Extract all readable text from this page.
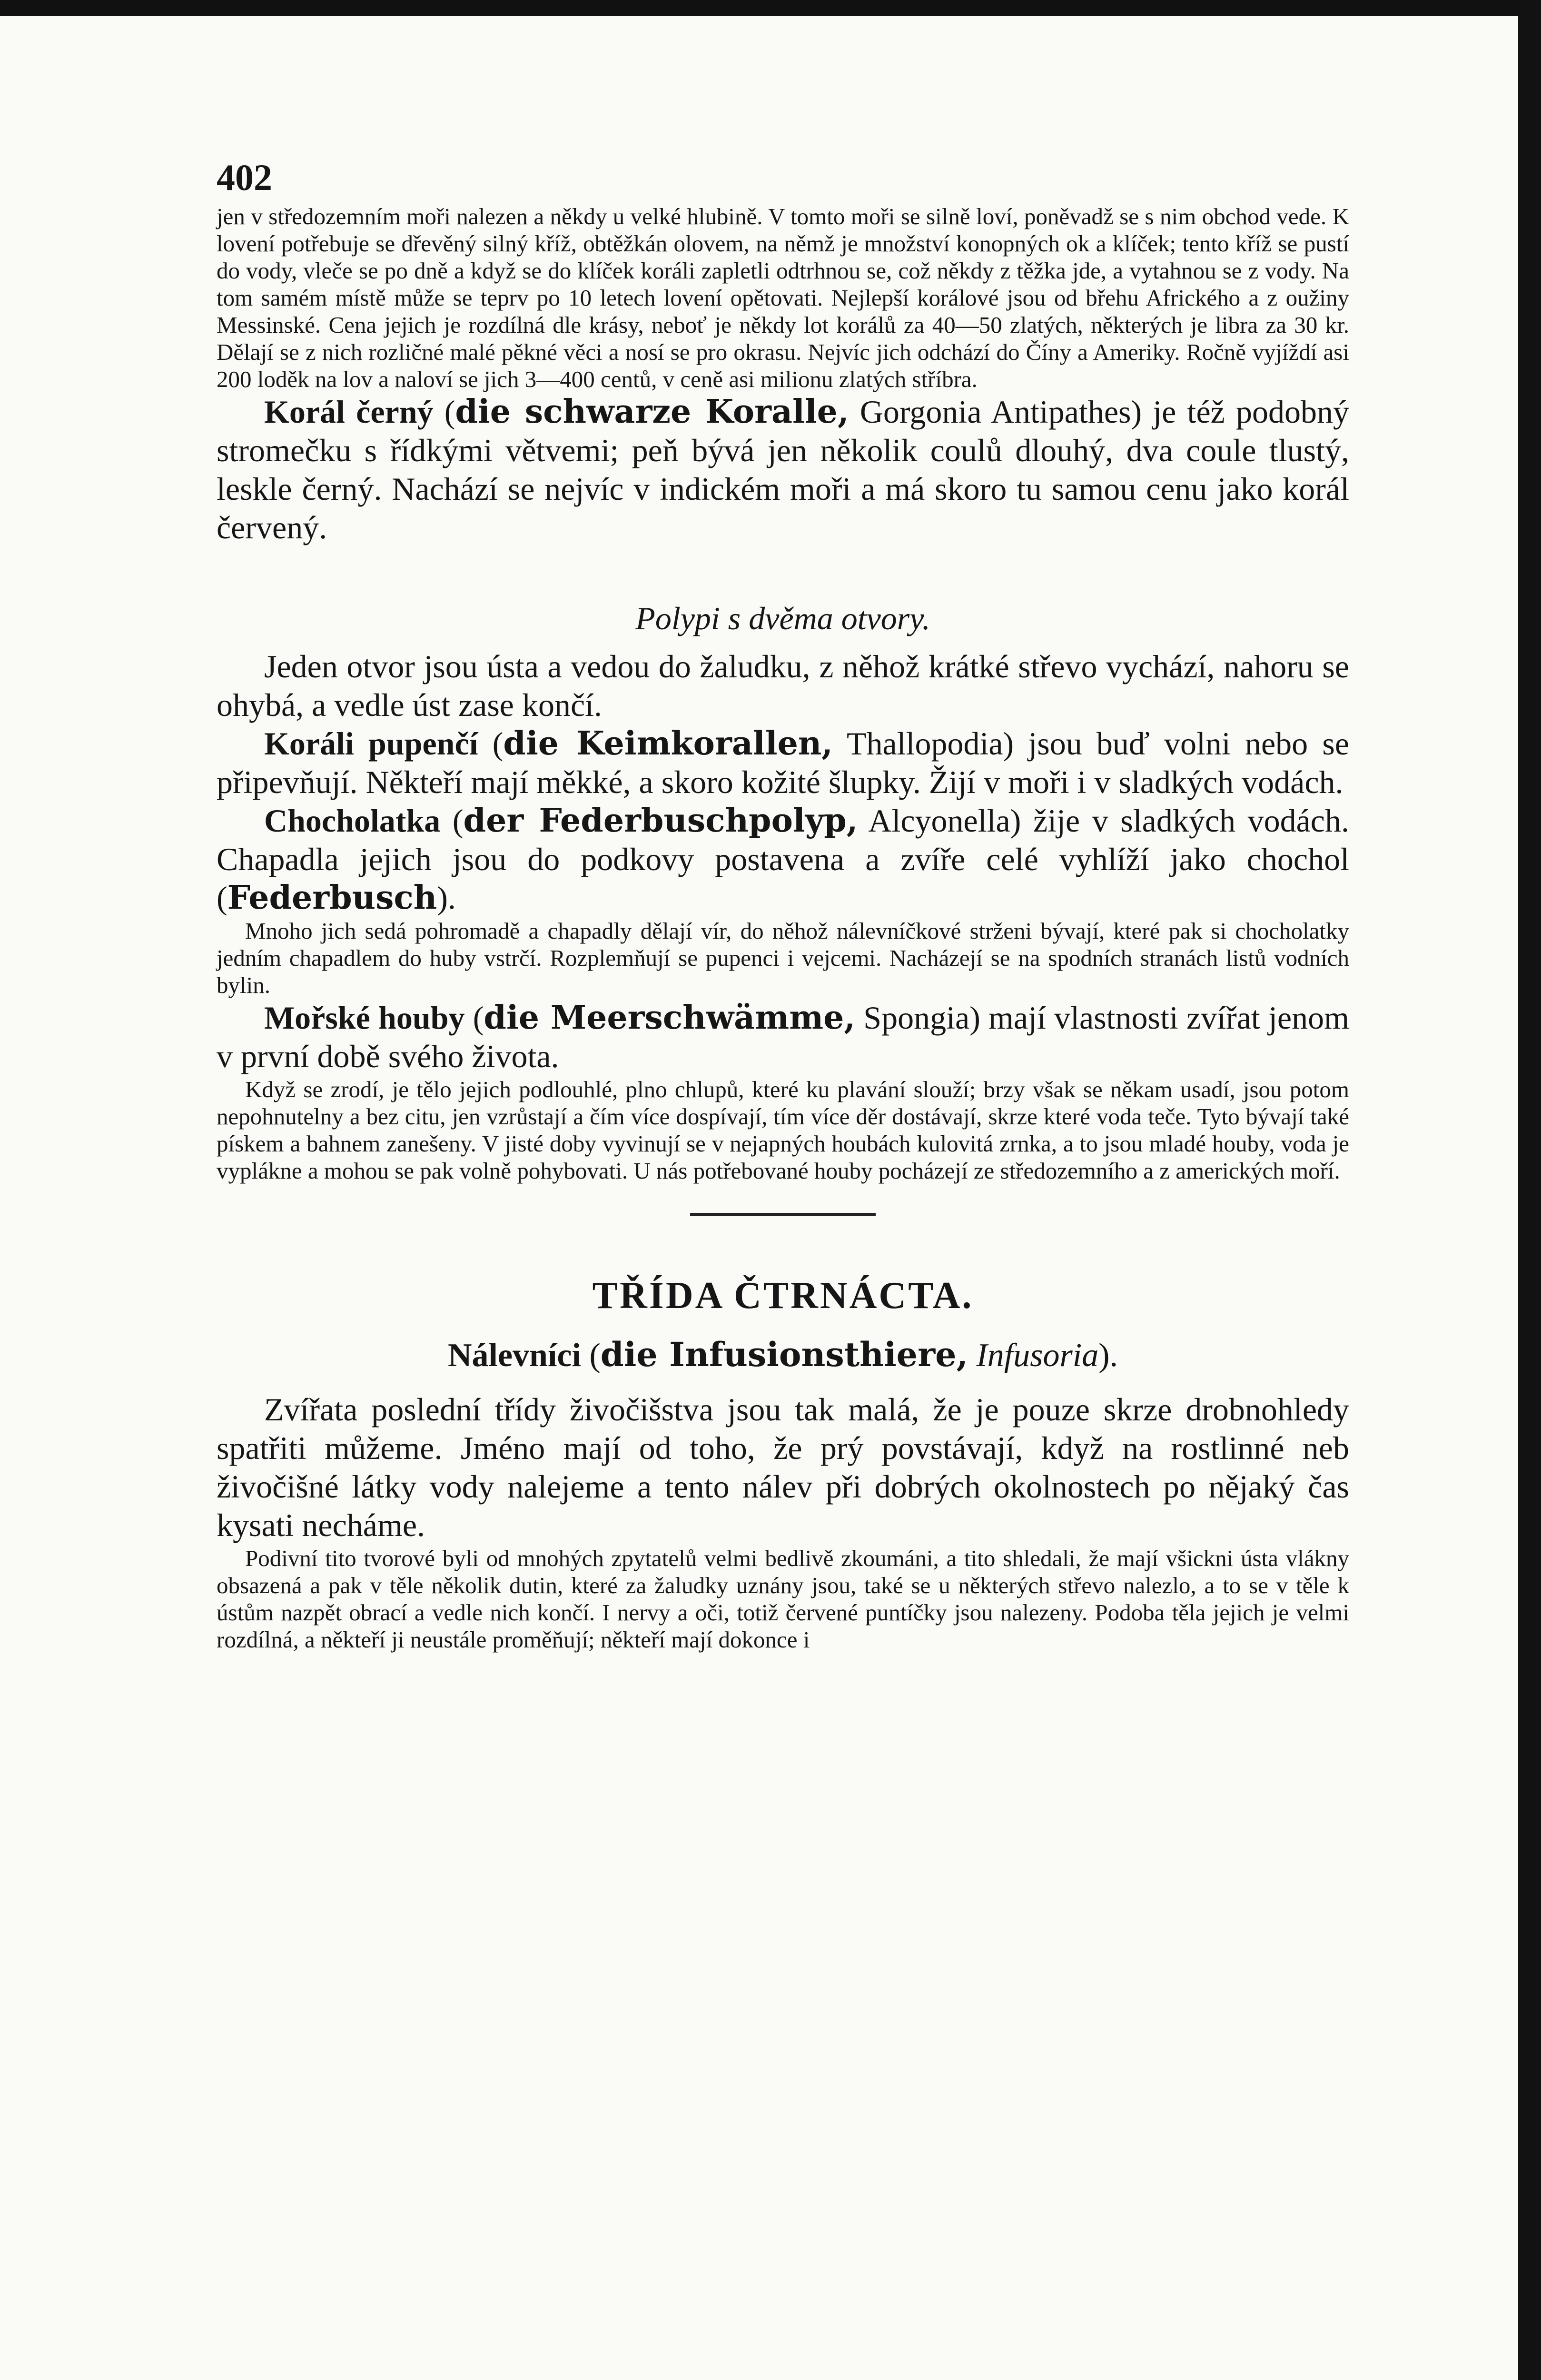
402

jen v středozemním moři nalezen a někdy u velké hlubině. V tomto moři se silně loví, poněvadž se s nim obchod vede. K lovení potřebuje se dřevěný silný kříž, obtěžkán olovem, na němž je množství konopných ok a klíček; tento kříž se pustí do vody, vleče se po dně a když se do klíček koráli zapletli odtrhnou se, což někdy z těžka jde, a vytahnou se z vody. Na tom samém místě může se teprv po 10 letech lovení opětovati. Nejlepší korálové jsou od břehu Afrického a z oužiny Messinské. Cena jejich je rozdílná dle krásy, neboť je někdy lot korálů za 40—50 zlatých, některých je libra za 30 kr. Dělají se z nich rozličné malé pěkné věci a nosí se pro okrasu. Nejvíc jich odchází do Číny a Ameriky. Ročně vyjíždí asi 200 loděk na lov a naloví se jich 3—400 centů, v ceně asi milionu zlatých stříbra.

Korál černý (die schwarze Koralle, Gorgonia Antipathes) je též podobný stromečku s řídkými větvemi; peň bývá jen několik coulů dlouhý, dva coule tlustý, leskle černý. Nachází se nejvíc v indickém moři a má skoro tu samou cenu jako korál červený.

Polypi s dvěma otvory.

Jeden otvor jsou ústa a vedou do žaludku, z něhož krátké střevo vychází, nahoru se ohybá, a vedle úst zase končí.

Koráli pupenčí (die Keimkorallen, Thallopodia) jsou buď volni nebo se připevňují. Někteří mají měkké, a skoro kožité šlupky. Žijí v moři i v sladkých vodách.

Chocholatka (der Federbuschpolyp, Alcyonella) žije v sladkých vodách. Chapadla jejich jsou do podkovy postavena a zvíře celé vyhlíží jako chochol (Federbusch).

Mnoho jich sedá pohromadě a chapadly dělají vír, do něhož nálevníčkové strženi bývají, které pak si chocholatky jedním chapadlem do huby vstrčí. Rozplemňují se pupenci i vejcemi. Nacházejí se na spodních stranách listů vodních bylin.

Mořské houby (die Meerschwämme, Spongia) mají vlastnosti zvířat jenom v první době svého života.

Když se zrodí, je tělo jejich podlouhlé, plno chlupů, které ku plavání slouží; brzy však se někam usadí, jsou potom nepohnutelny a bez citu, jen vzrůstají a čím více dospívají, tím více děr dostávají, skrze které voda teče. Tyto bývají také pískem a bahnem zanešeny. V jisté doby vyvinují se v nejapných houbách kulovitá zrnka, a to jsou mladé houby, voda je vypláknе a mohou se pak volně pohybovati. U nás potřebované houby pocházejí ze středozemního a z amerických moří.

TŘÍDA ČTRNÁCTA.
Nálevníci (die Infusionsthiere, Infusoria).

Zvířata poslední třídy živočišstva jsou tak malá, že je pouze skrze drobnohledy spatřiti můžeme. Jméno mají od toho, že prý povstávají, když na rostlinné neb živočišné látky vody nalejeme a tento nálev při dobrých okolnostech po nějaký čas kysati necháme.

Podivní tito tvorové byli od mnohých zpytatelů velmi bedlivě zkoumáni, a tito shledali, že mají všickni ústa vlákny obsazená a pak v těle několik dutin, které za žaludky uznány jsou, také se u některých střevo nalezlo, a to se v těle k ústům nazpět obrací a vedle nich končí. I nervy a oči, totiž červené puntíčky jsou nalezeny. Podoba těla jejich je velmi rozdílná, a někteří ji neustále proměňují; někteří mají dokonce i
